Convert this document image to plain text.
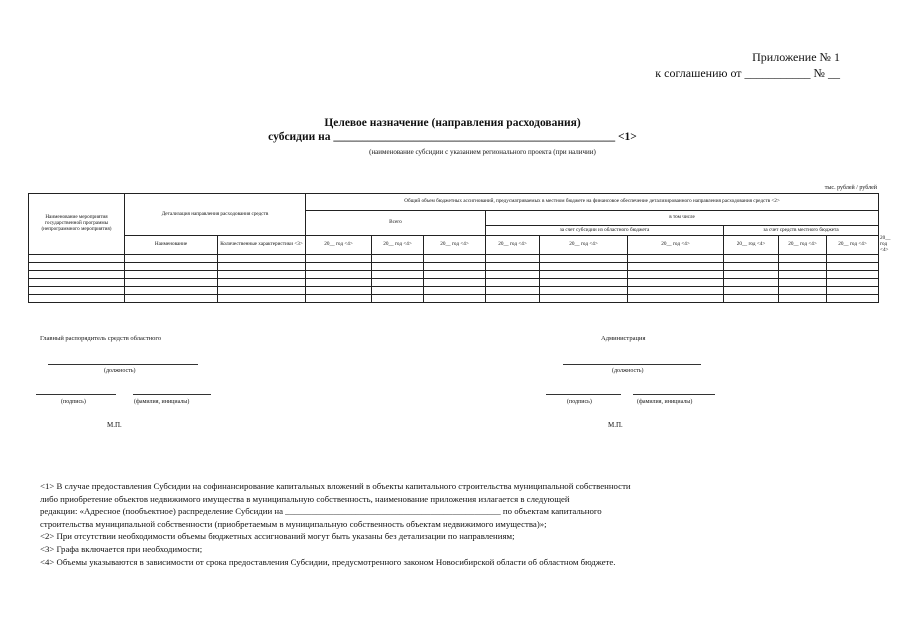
Приложение № 1
к соглашению от ___________ № __
Целевое назначение (направления расходования)
субсидии на _________________________________________________ <1>
(наименование субсидии с указанием регионального проекта (при наличии)
тыс. рублей / рублей
Наименование мероприятия государственной программы (непрограммного мероприятия)	Детализация направления расходования средств		Общий объем бюджетных ассигнований, предусматриваемых в местном бюджете на финансовое обеспечение детализированного направления расходования средств <2>									
			Всего			в том числе						
						за счет субсидии из областного бюджета			за счет средств местного бюджета			
	Наименование	Количественные характеристики <3>	20__ год <4>	20__ год <4>	20__ год <4>	20__ год <4>	20__ год <4>	20__ год <4>	20__ год <4>	20__ год <4>	20__ год <4>	20__ год <4>

Главный распорядитель средств областного
(должность)
(подпись)	(фамилия, инициалы)
М.П.
Администрация
(должность)
(подпись)	(фамилия, инициалы)
М.П.
<1> В случае предоставления Субсидии на софинансирование капитальных вложений в объекты капитального строительства муниципальной собственности
либо приобретение объектов недвижимого имущества в муниципальную собственность, наименование приложения излагается в следующей
редакции: «Адресное (пообъектное) распределение Субсидии на _________________________________________________ по объектам капитального
строительства муниципальной собственности (приобретаемым в муниципальную собственность объектам недвижимого имущества)»;
<2> При отсутствии необходимости объемы бюджетных ассигнований могут быть указаны без детализации по направлениям;
<3> Графа включается при необходимости;
<4> Объемы указываются в зависимости от срока предоставления Субсидии, предусмотренного законом Новосибирской области об областном бюджете.
